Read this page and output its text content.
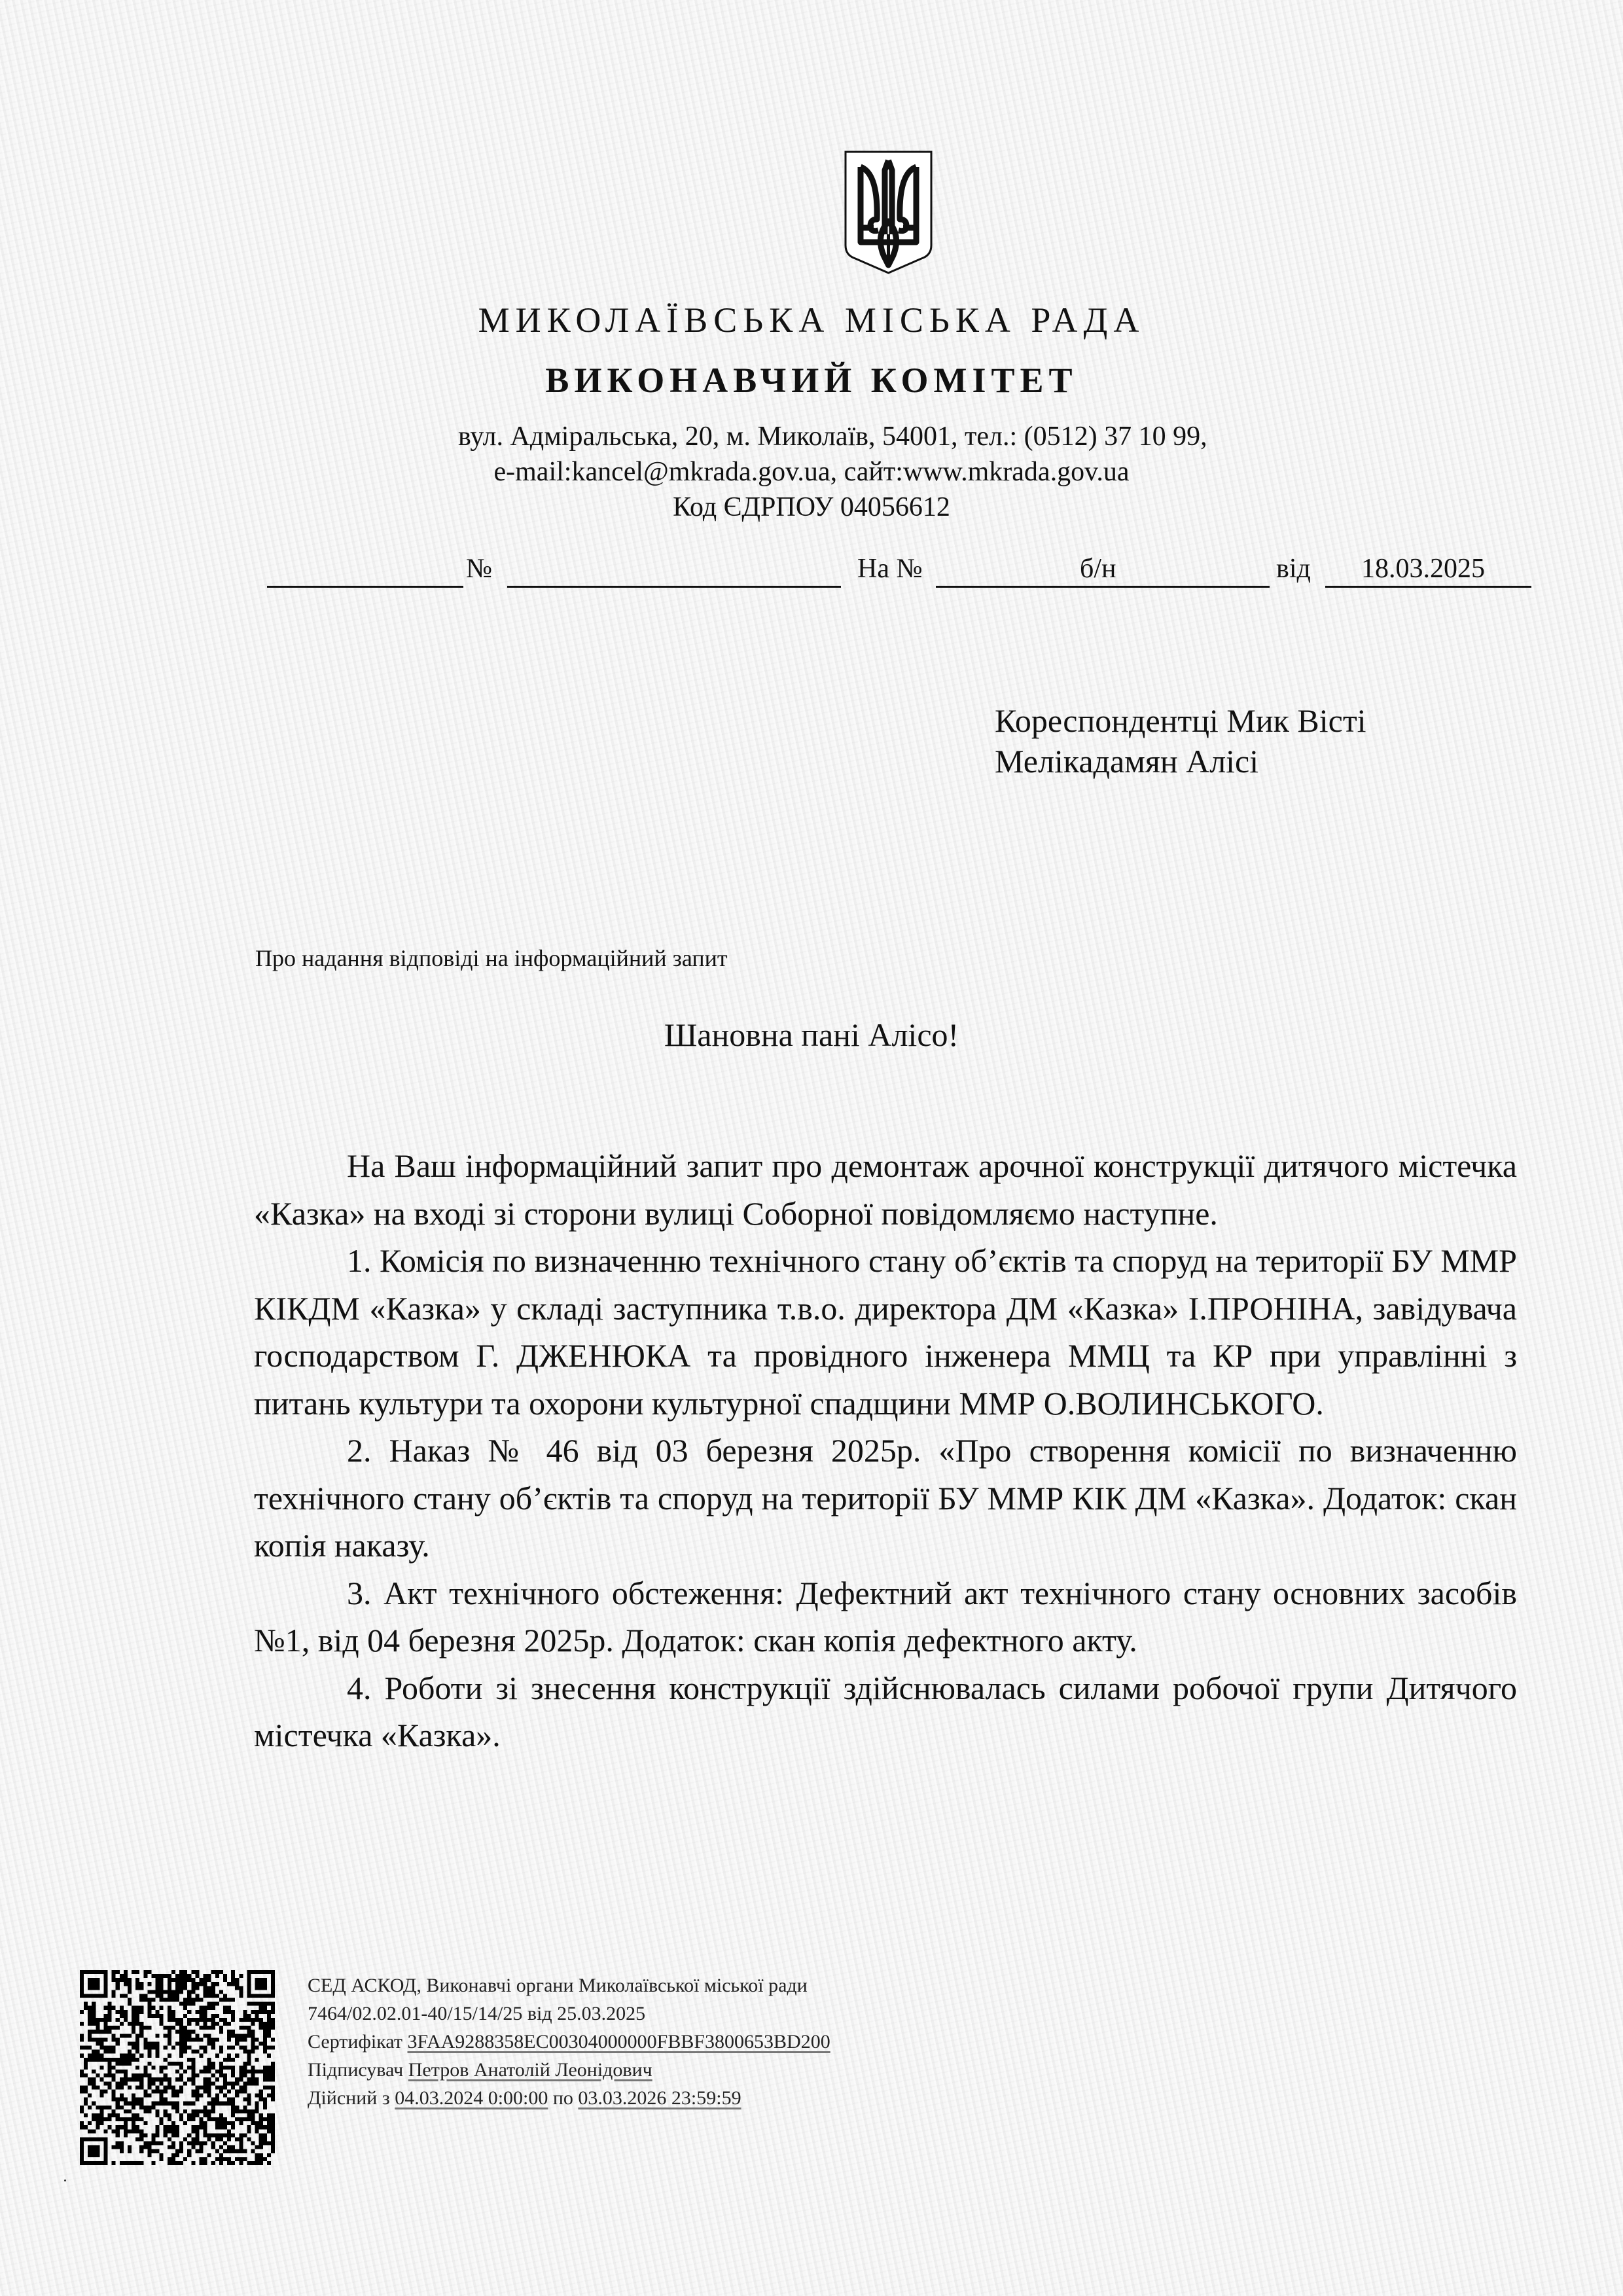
МИКОЛАЇВСЬКА МІСЬКА РАДА
ВИКОНАВЧИЙ КОМІТЕТ
вул. Адміральська, 20, м. Миколаїв, 54001, тел.: (0512) 37 10 99,
e-mail:kancel@mkrada.gov.ua, сайт:www.mkrada.gov.ua
Код ЄДРПОУ 04056612
№	На №	б/н	від 18.03.2025
Кореспондентці Мик Вісті
Мелікадамян Алісі
Про надання відповіді на інформаційний запит
Шановна пані Алісо!

На Ваш інформаційний запит про демонтаж арочної конструкції дитячого містечка «Казка» на вході зі сторони вулиці Соборної повідомляємо наступне.

1. Комісія по визначенню технічного стану об’єктів та споруд на території БУ ММР КІКДМ «Казка» у складі заступника т.в.о. директора ДМ «Казка» І.ПРОНІНА, завідувача господарством Г. ДЖЕНЮКА та провідного інженера ММЦ та КР при управлінні з питань культури та охорони культурної спадщини ММР О.ВОЛИНСЬКОГО.

2. Наказ № 46 від 03 березня 2025р. «Про створення комісії по визначенню технічного стану об’єктів та споруд на території БУ ММР КІК ДМ «Казка». Додаток: скан копія наказу.

3. Акт технічного обстеження: Дефектний акт технічного стану основних засобів №1, від 04 березня 2025р. Додаток: скан копія дефектного акту.

4. Роботи зі знесення конструкції здійснювалась силами робочої групи Дитячого містечка «Казка».

СЕД АСКОД, Виконавчі органи Миколаївської міської ради
7464/02.02.01-40/15/14/25 від 25.03.2025
Сертифікат 3FAA9288358EC00304000000FBBF3800653BD200
Підписувач Петров Анатолій Леонідович
Дійсний з 04.03.2024 0:00:00 по 03.03.2026 23:59:59
